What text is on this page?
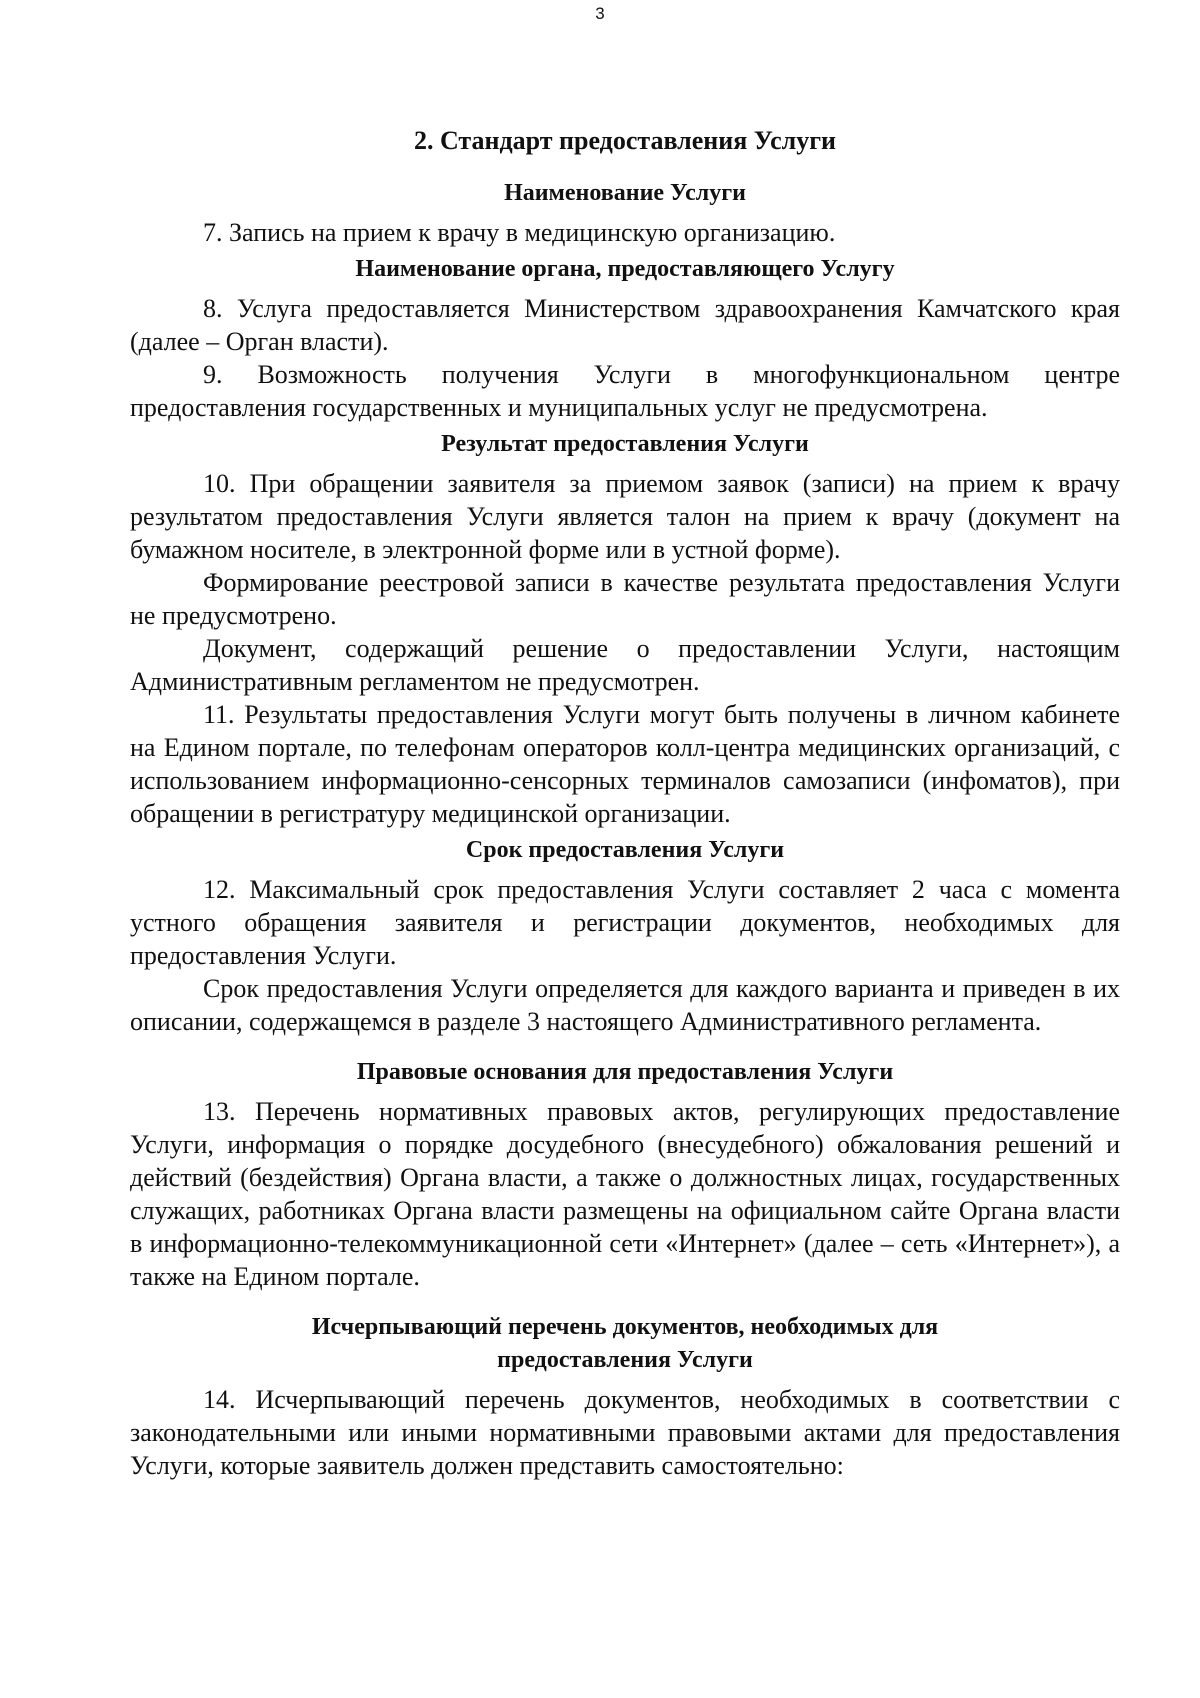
3
2. Стандарт предоставления Услуги
Наименование Услуги

7. Запись на прием к врачу в медицинскую организацию.

Наименование органа, предоставляющего Услугу

8. Услуга предоставляется Министерством здравоохранения Камчатского края (далее – Орган власти).

9. Возможность получения Услуги в многофункциональном центре предоставления государственных и муниципальных услуг не предусмотрена.

Результат предоставления Услуги

10. При обращении заявителя за приемом заявок (записи) на прием к врачу результатом предоставления Услуги является талон на прием к врачу (документ на бумажном носителе, в электронной форме или в устной форме).

Формирование реестровой записи в качестве результата предоставления Услуги не предусмотрено.

Документ, содержащий решение о предоставлении Услуги, настоящим Административным регламентом не предусмотрен.

11. Результаты предоставления Услуги могут быть получены в личном кабинете на Едином портале, по телефонам операторов колл-центра медицинских организаций, с использованием информационно-сенсорных терминалов самозаписи (инфоматов), при обращении в регистратуру медицинской организации.

Срок предоставления Услуги

12. Максимальный срок предоставления Услуги составляет 2 часа с момента устного обращения заявителя и регистрации документов, необходимых для предоставления Услуги.

Срок предоставления Услуги определяется для каждого варианта и приведен в их описании, содержащемся в разделе 3 настоящего Административного регламента.

Правовые основания для предоставления Услуги

13. Перечень нормативных правовых актов, регулирующих предоставление Услуги, информация о порядке досудебного (внесудебного) обжалования решений и действий (бездействия) Органа власти, а также о должностных лицах, государственных служащих, работниках Органа власти размещены на официальном сайте Органа власти в информационно-телекоммуникационной сети «Интернет» (далее – сеть «Интернет»), а также на Едином портале.

Исчерпывающий перечень документов, необходимых для предоставления Услуги

14. Исчерпывающий перечень документов, необходимых в соответствии с законодательными или иными нормативными правовыми актами для предоставления Услуги, которые заявитель должен представить самостоятельно:
